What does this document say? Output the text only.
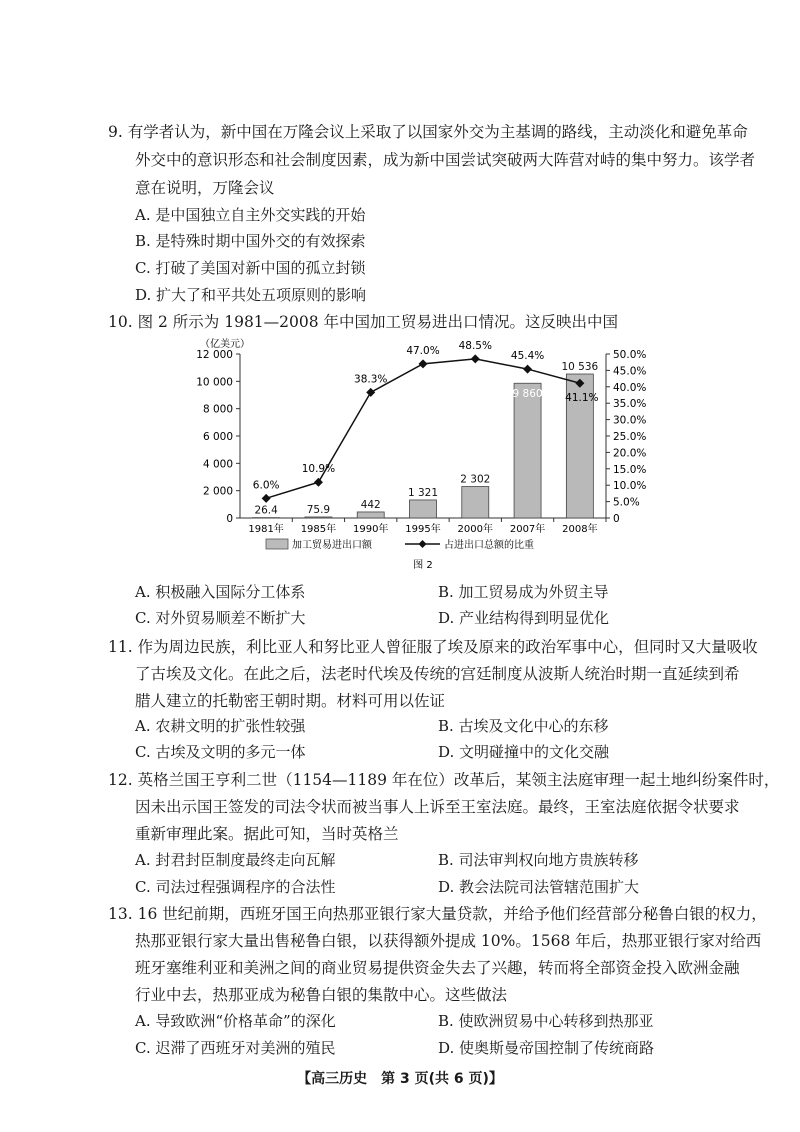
9. 有学者认为，新中国在万隆会议上采取了以国家外交为主基调的路线，主动淡化和避免革命
外交中的意识形态和社会制度因素，成为新中国尝试突破两大阵营对峙的集中努力。该学者
意在说明，万隆会议
A. 是中国独立自主外交实践的开始
B. 是特殊时期中国外交的有效探索
C. 打破了美国对新中国的孤立封锁
D. 扩大了和平共处五项原则的影响
10. 图 2 所示为 1981—2008 年中国加工贸易进出口情况。这反映出中国
（亿美元）
0
2 000
4 000
6 000
8 000
10 000
12 000
0
5.0%
10.0%
15.0%
20.0%
25.0%
30.0%
35.0%
40.0%
45.0%
50.0%
26.4	75.9	442
1 321
2 302
9 860
10 536
1981年 1985年 1990年 1995年 2000年 2007年 2008年
6.0%
10.9%
38.3%
47.0% 48.5%
45.4%
41.1%
加工贸易进出口额	占进出口总额的比重
图 2
A. 积极融入国际分工体系	B. 加工贸易成为外贸主导
C. 对外贸易顺差不断扩大	D. 产业结构得到明显优化
11. 作为周边民族，利比亚人和努比亚人曾征服了埃及原来的政治军事中心，但同时又大量吸收
了古埃及文化。在此之后，法老时代埃及传统的宫廷制度从波斯人统治时期一直延续到希
腊人建立的托勒密王朝时期。材料可用以佐证
A. 农耕文明的扩张性较强	B. 古埃及文化中心的东移
C. 古埃及文明的多元一体	D. 文明碰撞中的文化交融
12. 英格兰国王亨利二世（1154—1189 年在位）改革后，某领主法庭审理一起土地纠纷案件时，
因未出示国王签发的司法令状而被当事人上诉至王室法庭。最终，王室法庭依据令状要求
重新审理此案。据此可知，当时英格兰
A. 封君封臣制度最终走向瓦解	B. 司法审判权向地方贵族转移
C. 司法过程强调程序的合法性	D. 教会法院司法管辖范围扩大
13. 16 世纪前期，西班牙国王向热那亚银行家大量贷款，并给予他们经营部分秘鲁白银的权力，
热那亚银行家大量出售秘鲁白银，以获得额外提成 10%。1568 年后，热那亚银行家对给西
班牙塞维利亚和美洲之间的商业贸易提供资金失去了兴趣，转而将全部资金投入欧洲金融
行业中去，热那亚成为秘鲁白银的集散中心。这些做法
A. 导致欧洲“价格革命”的深化	B. 使欧洲贸易中心转移到热那亚
C. 迟滞了西班牙对美洲的殖民	D. 使奥斯曼帝国控制了传统商路
【高三历史　第 3 页(共 6 页)】
